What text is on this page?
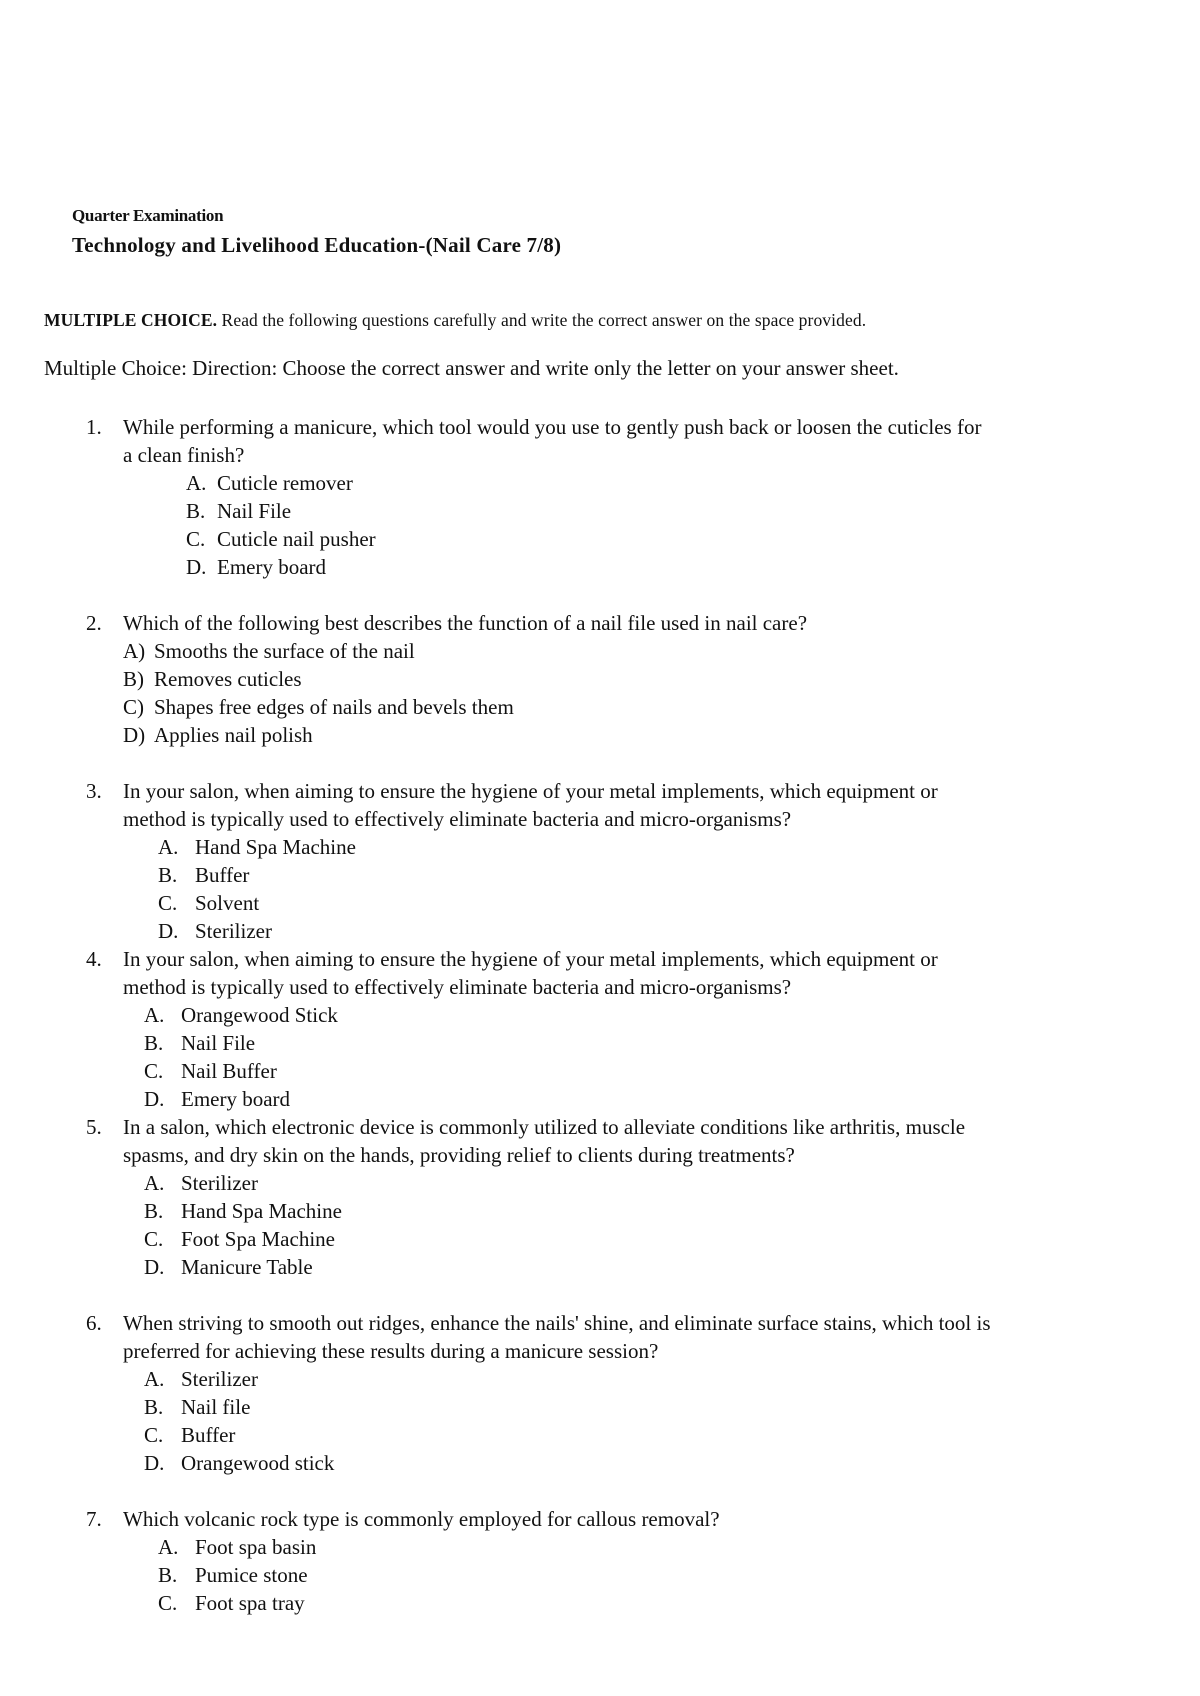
Quarter Examination
Technology and Livelihood Education-(Nail Care 7/8)
MULTIPLE CHOICE. Read the following questions carefully and write the correct answer on the space provided.
Multiple Choice: Direction: Choose the correct answer and write only the letter on your answer sheet.
1. While performing a manicure, which tool would you use to gently push back or loosen the cuticles for
a clean finish?
A. Cuticle remover
B. Nail File
C. Cuticle nail pusher
D. Emery board
2. Which of the following best describes the function of a nail file used in nail care?
A) Smooths the surface of the nail
B) Removes cuticles
C) Shapes free edges of nails and bevels them
D) Applies nail polish
3. In your salon, when aiming to ensure the hygiene of your metal implements, which equipment or
method is typically used to effectively eliminate bacteria and micro-organisms?
A. Hand Spa Machine
B. Buffer
C. Solvent
D. Sterilizer
4. In your salon, when aiming to ensure the hygiene of your metal implements, which equipment or
method is typically used to effectively eliminate bacteria and micro-organisms?
A. Orangewood Stick
B. Nail File
C. Nail Buffer
D. Emery board
5. In a salon, which electronic device is commonly utilized to alleviate conditions like arthritis, muscle
spasms, and dry skin on the hands, providing relief to clients during treatments?
A. Sterilizer
B. Hand Spa Machine
C. Foot Spa Machine
D. Manicure Table
6. When striving to smooth out ridges, enhance the nails' shine, and eliminate surface stains, which tool is
preferred for achieving these results during a manicure session?
A. Sterilizer
B. Nail file
C. Buffer
D. Orangewood stick
7. Which volcanic rock type is commonly employed for callous removal?
A. Foot spa basin
B. Pumice stone
C. Foot spa tray
